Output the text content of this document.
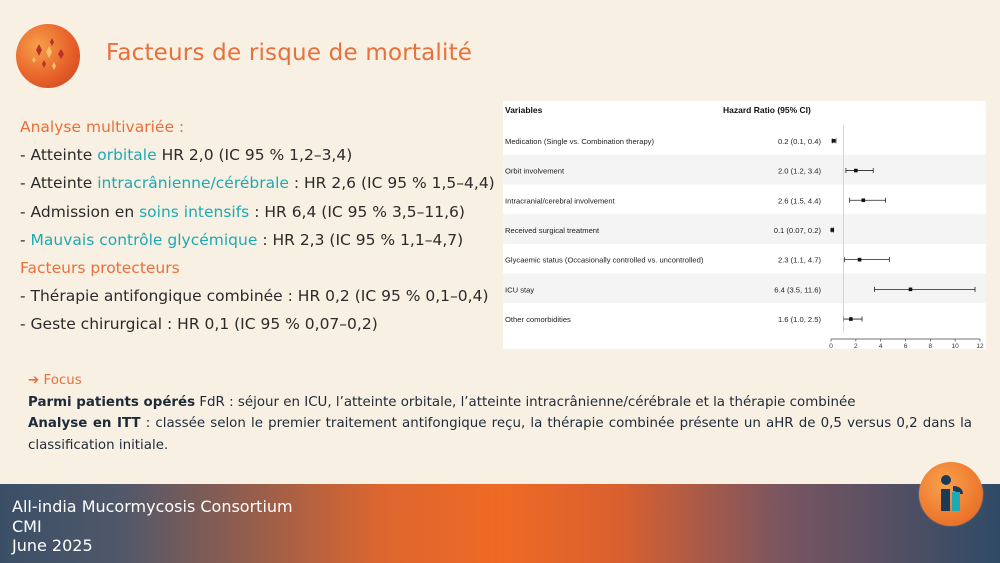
Facteurs de risque de mortalité
Analyse multivariée :
- Atteinte orbitale HR 2,0 (IC 95 % 1,2–3,4)
- Atteinte intracrânienne/cérébrale : HR 2,6 (IC 95 % 1,5–4,4)
- Admission en soins intensifs : HR 6,4 (IC 95 % 3,5–11,6)
- Mauvais contrôle glycémique : HR 2,3 (IC 95 % 1,1–4,7)
Facteurs protecteurs
- Thérapie antifongique combinée : HR 0,2 (IC 95 % 0,1–0,4)
- Geste chirurgical : HR 0,1 (IC 95 % 0,07–0,2)
Variables	Hazard Ratio (95% CI)
Medication (Single vs. Combination therapy)	0.2 (0.1, 0.4)
Orbit involvement	2.0 (1.2, 3.4)
Intracranial/cerebral involvement	2.6 (1.5, 4.4)
Received surgical treatment	0.1 (0.07, 0.2)
Glycaemic status (Occasionally controlled vs. uncontrolled)	2.3 (1.1, 4.7)
ICU stay	6.4 (3.5, 11.6)
Other comorbidities	1.6 (1.0, 2.5)
0	2	4	6	8	10	12
➔ Focus

Parmi patients opérés FdR : séjour en ICU, l’atteinte orbitale, l’atteinte intracrânienne/cérébrale et la thérapie combinée

Analyse en ITT : classée selon le premier traitement antifongique reçu, la thérapie combinée présente un aHR de 0,5 versus 0,2 dans la classification initiale.

All-india Mucormycosis Consortium
CMI
June 2025
